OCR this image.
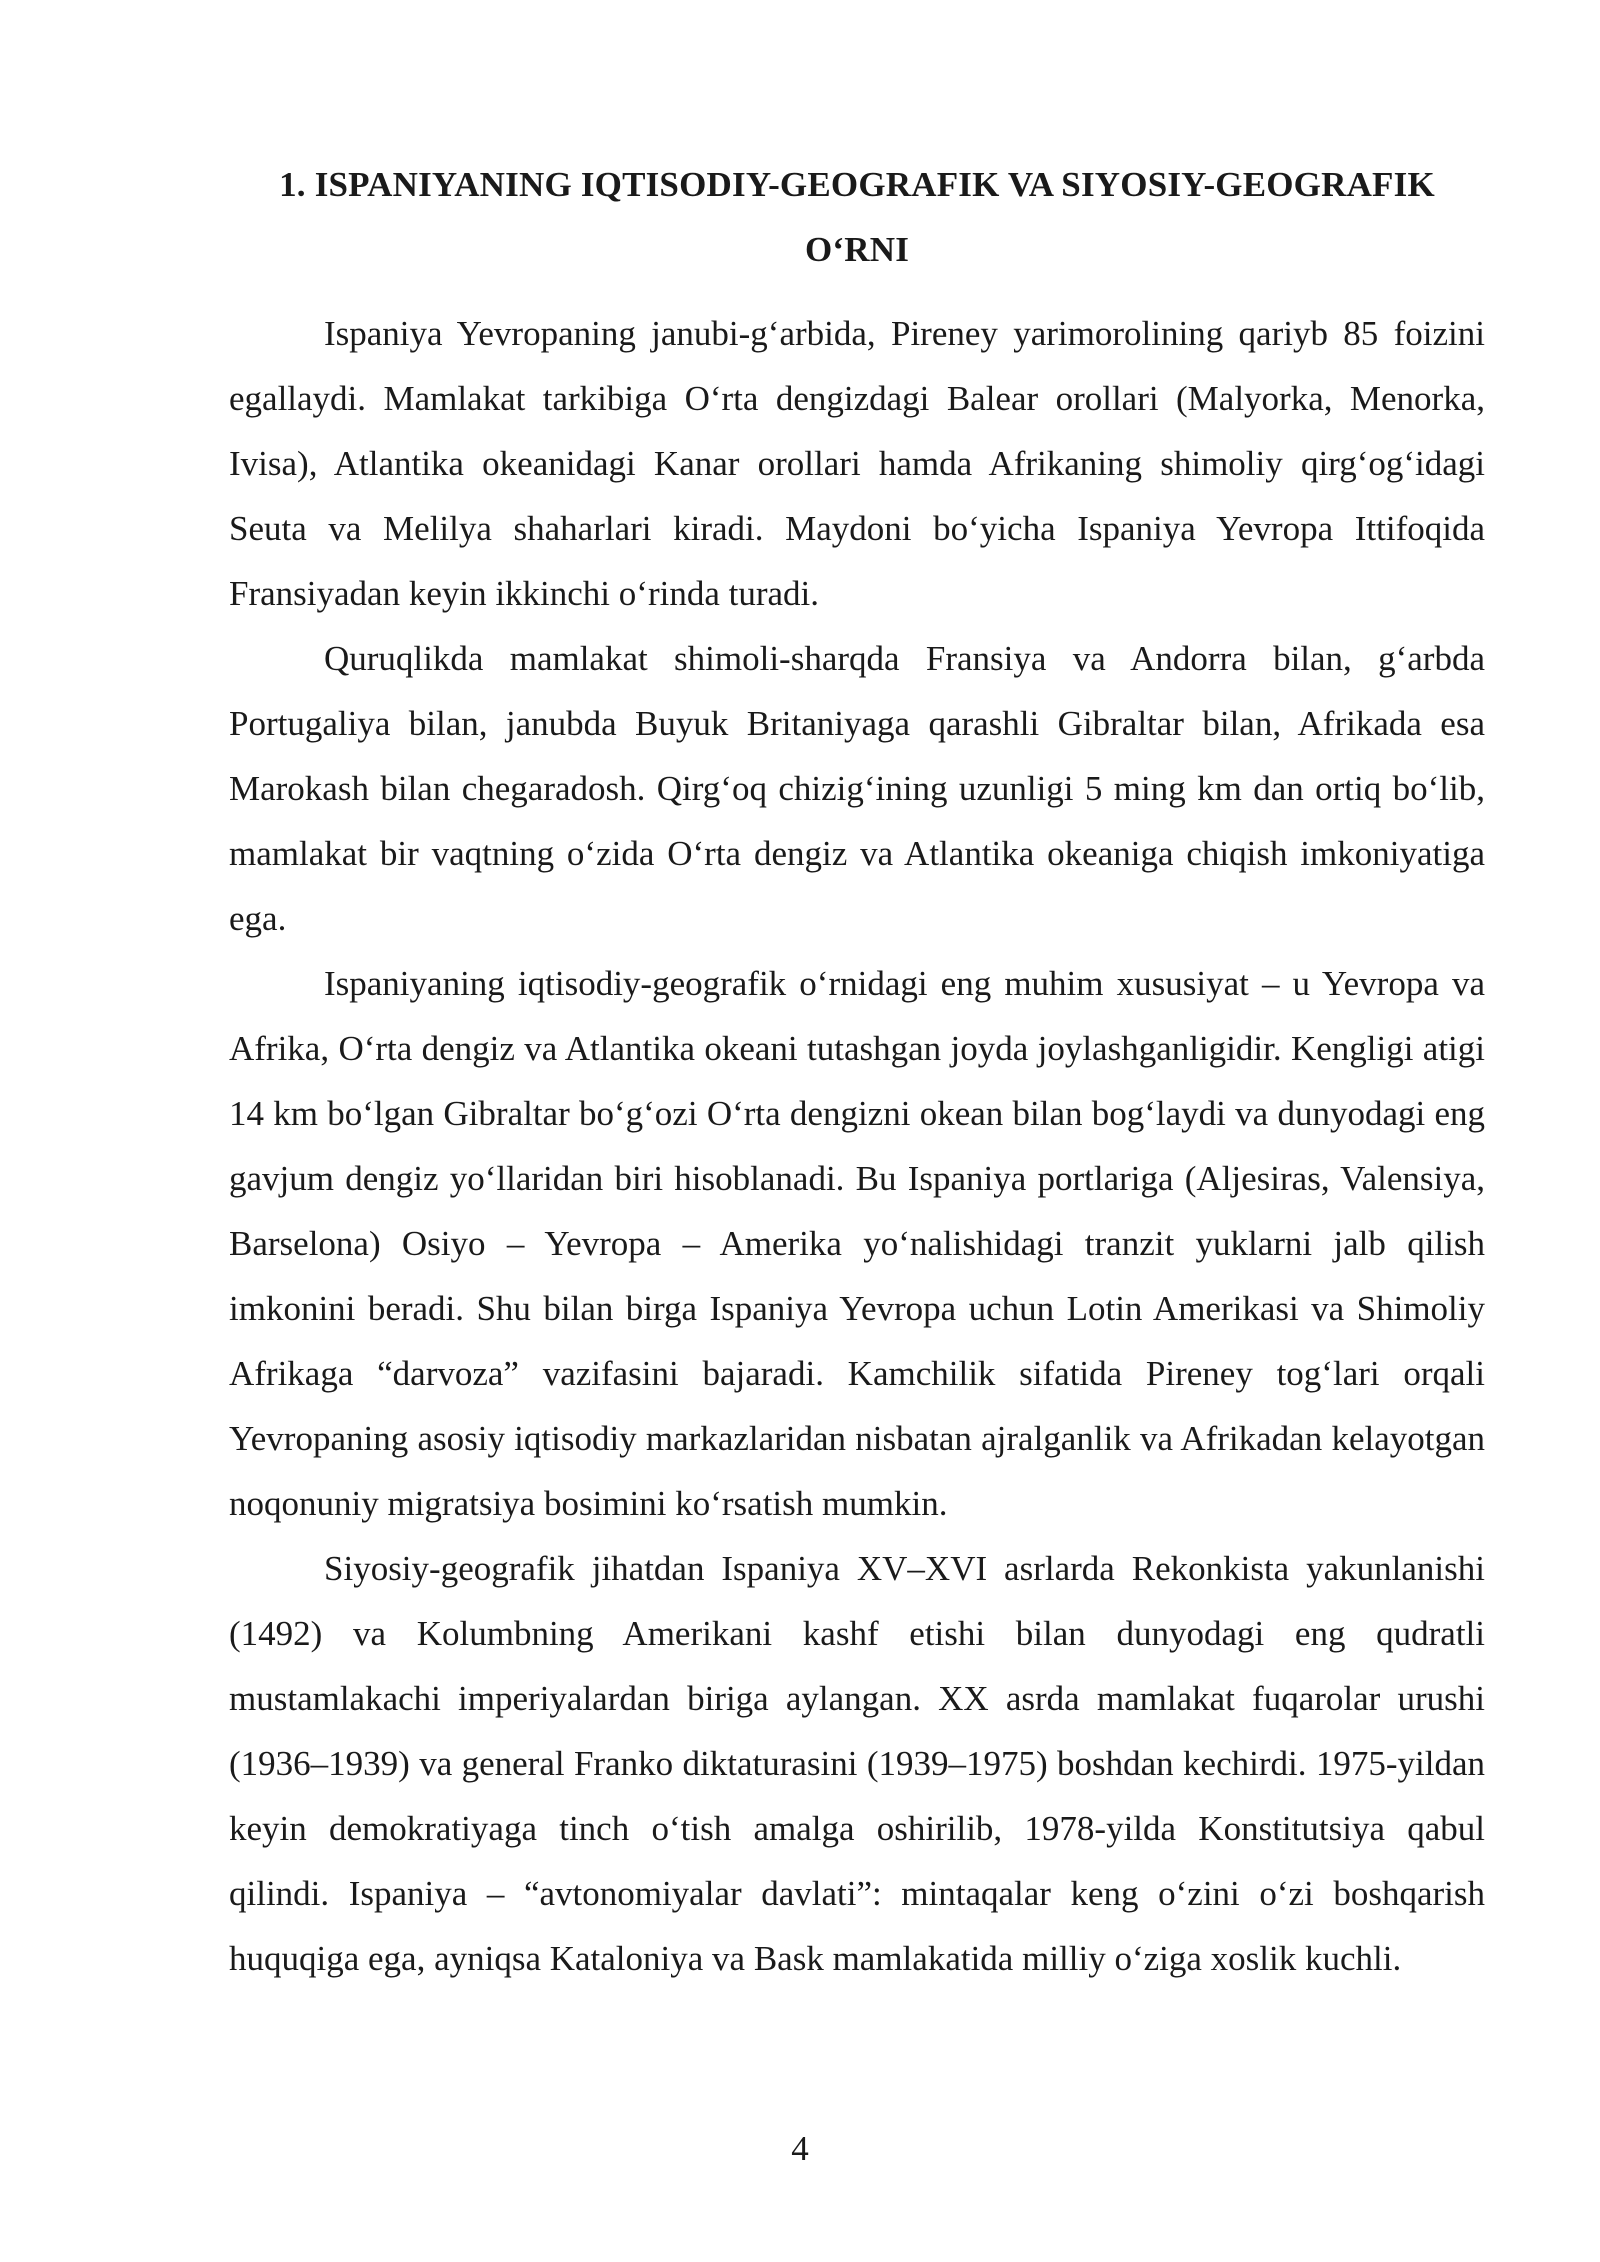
1. ISPANIYANING IQTISODIY-GEOGRAFIK VA SIYOSIY-GEOGRAFIK
O‘RNI

Ispaniya Yevropaning janubi-g‘arbida, Pireney yarimorolining qariyb 85 foizini egallaydi. Mamlakat tarkibiga O‘rta dengizdagi Balear orollari (Malyorka, Menorka, Ivisa), Atlantika okeanidagi Kanar orollari hamda Afrikaning shimoliy qirg‘og‘idagi Seuta va Melilya shaharlari kiradi. Maydoni bo‘yicha Ispaniya Yevropa Ittifoqida Fransiyadan keyin ikkinchi o‘rinda turadi.

Quruqlikda mamlakat shimoli-sharqda Fransiya va Andorra bilan, g‘arbda Portugaliya bilan, janubda Buyuk Britaniyaga qarashli Gibraltar bilan, Afrikada esa Marokash bilan chegaradosh. Qirg‘oq chizig‘ining uzunligi 5 ming km dan ortiq bo‘lib, mamlakat bir vaqtning o‘zida O‘rta dengiz va Atlantika okeaniga chiqish imkoniyatiga ega.

Ispaniyaning iqtisodiy-geografik o‘rnidagi eng muhim xususiyat – u Yevropa va Afrika, O‘rta dengiz va Atlantika okeani tutashgan joyda joylashganligidir. Kengligi atigi 14 km bo‘lgan Gibraltar bo‘g‘ozi O‘rta dengizni okean bilan bog‘laydi va dunyodagi eng gavjum dengiz yo‘llaridan biri hisoblanadi. Bu Ispaniya portlariga (Aljesiras, Valensiya, Barselona) Osiyo – Yevropa – Amerika yo‘nalishidagi tranzit yuklarni jalb qilish imkonini beradi. Shu bilan birga Ispaniya Yevropa uchun Lotin Amerikasi va Shimoliy Afrikaga “darvoza” vazifasini bajaradi. Kamchilik sifatida Pireney tog‘lari orqali Yevropaning asosiy iqtisodiy markazlaridan nisbatan ajralganlik va Afrikadan kelayotgan noqonuniy migratsiya bosimini ko‘rsatish mumkin.

Siyosiy-geografik jihatdan Ispaniya XV–XVI asrlarda Rekonkista yakunlanishi (1492) va Kolumbning Amerikani kashf etishi bilan dunyodagi eng qudratli mustamlakachi imperiyalardan biriga aylangan. XX asrda mamlakat fuqarolar urushi (1936–1939) va general Franko diktaturasini (1939–1975) boshdan kechirdi. 1975-yildan keyin demokratiyaga tinch o‘tish amalga oshirilib, 1978-yilda Konstitutsiya qabul qilindi. Ispaniya – “avtonomiyalar davlati”: mintaqalar keng o‘zini o‘zi boshqarish huquqiga ega, ayniqsa Kataloniya va Bask mamlakatida milliy o‘ziga xoslik kuchli.

4
